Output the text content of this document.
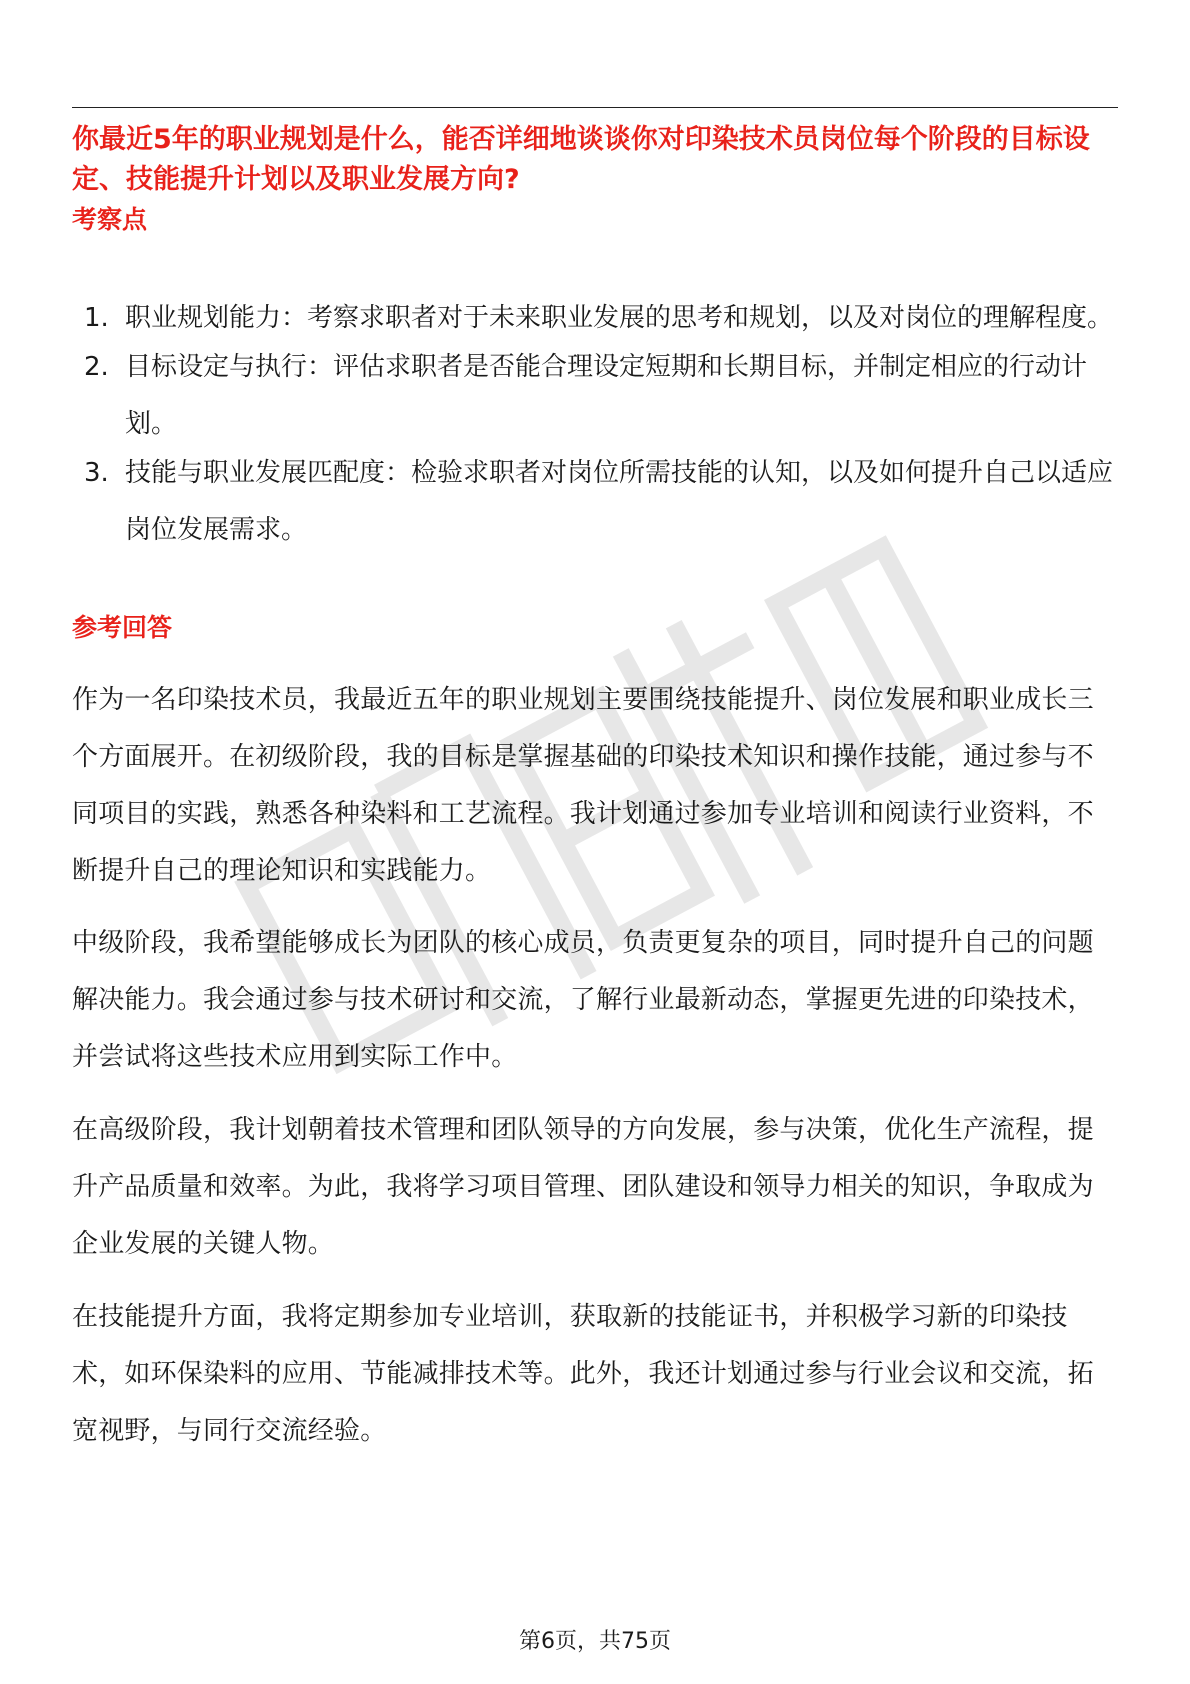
你最近5年的职业规划是什么，能否详细地谈谈你对印染技术员岗位每个阶段的目标设定、技能提升计划以及职业发展方向?

考察点

1. 职业规划能力：考察求职者对于未来职业发展的思考和规划，以及对岗位的理解程度。
2. 目标设定与执行：评估求职者是否能合理设定短期和长期目标，并制定相应的行动计划。
3. 技能与职业发展匹配度：检验求职者对岗位所需技能的认知，以及如何提升自己以适应岗位发展需求。

参考回答

作为一名印染技术员，我最近五年的职业规划主要围绕技能提升、岗位发展和职业成长三个方面展开。在初级阶段，我的目标是掌握基础的印染技术知识和操作技能，通过参与不同项目的实践，熟悉各种染料和工艺流程。我计划通过参加专业培训和阅读行业资料，不断提升自己的理论知识和实践能力。

中级阶段，我希望能够成长为团队的核心成员，负责更复杂的项目，同时提升自己的问题解决能力。我会通过参与技术研讨和交流，了解行业最新动态，掌握更先进的印染技术，并尝试将这些技术应用到实际工作中。

在高级阶段，我计划朝着技术管理和团队领导的方向发展，参与决策，优化生产流程，提升产品质量和效率。为此，我将学习项目管理、团队建设和领导力相关的知识，争取成为企业发展的关键人物。

在技能提升方面，我将定期参加专业培训，获取新的技能证书，并积极学习新的印染技术，如环保染料的应用、节能减排技术等。此外，我还计划通过参与行业会议和交流，拓宽视野，与同行交流经验。

第6页，共75页
